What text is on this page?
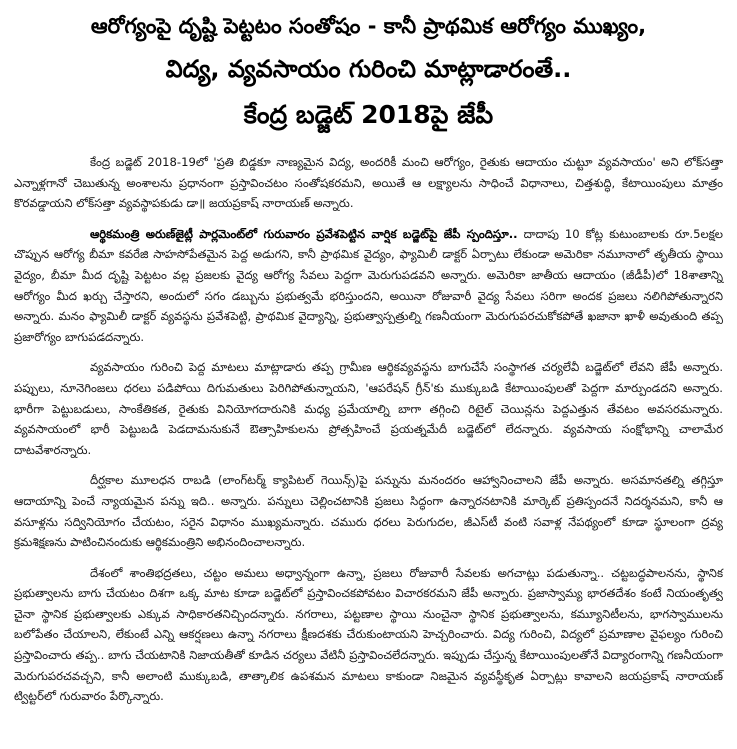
ఆరోగ్యంపై దృష్టి పెట్టటం సంతోషం - కానీ ప్రాథమిక ఆరోగ్యం ముఖ్యం,
విద్య, వ్యవసాయం గురించి మాట్లాడారంతే..
కేంద్ర బడ్జెట్ 2018పై జేపీ

కేంద్ర బడ్జెట్ 2018-19లో 'ప్రతి బిడ్డకూ నాణ్యమైన విద్య, అందరికీ మంచి ఆరోగ్యం, రైతుకు ఆదాయం చుట్టూ వ్యవసాయం' అని లోక్‌సత్తా ఎన్నాళ్లగానో చెబుతున్న అంశాలను ప్రధానంగా ప్రస్తావించటం సంతోషకరమని, అయితే ఆ లక్ష్యాలను సాధించే విధానాలు, చిత్తశుద్ధి, కేటాయింపులు మాత్రం కొరవడ్డాయని లోక్‌సత్తా వ్యవస్థాపకుడు డా॥ జయప్రకాష్ నారాయణ్ అన్నారు.

ఆర్థికమంత్రి అరుణ్‌జైట్లీ పార్లమెంట్‌లో గురువారం ప్రవేశపెట్టిన వార్షిక బడ్జెట్‌పై జేపీ స్పందిస్తూ.. దాదాపు 10 కోట్ల కుటుంబాలకు రూ.5లక్షల చొప్పున ఆరోగ్య బీమా కవరేజి సాహసోపేతమైన పెద్ద అడుగని, కానీ ప్రాథమిక వైద్యం, ఫ్యామిలీ డాక్టర్ ఏర్పాటు లేకుండా అమెరికా నమూనాలో తృతీయ స్థాయి వైద్యం, బీమా మీద దృష్టి పెట్టటం వల్ల ప్రజలకు వైద్య ఆరోగ్య సేవలు పెద్దగా మెరుగుపడవని అన్నారు. అమెరికా జాతీయ ఆదాయం (జీడీపీ)లో 18శాతాన్ని ఆరోగ్యం మీద ఖర్చు చేస్తారని, అందులో సగం డబ్బును ప్రభుత్వమే భరిస్తుందని, అయినా రోజువారీ వైద్య సేవలు సరిగా అందక ప్రజలు నలిగిపోతున్నారని అన్నారు. మనం ఫ్యామిలీ డాక్టర్ వ్యవస్థను ప్రవేశపెట్టి, ప్రాథమిక వైద్యాన్ని, ప్రభుత్వాస్పత్రుల్ని గణనీయంగా మెరుగుపరచుకోకపోతే ఖజానా ఖాళీ అవుతుంది తప్ప ప్రజారోగ్యం బాగుపడదన్నారు.

వ్యవసాయం గురించి పెద్ద మాటలు మాట్లాడారు తప్ప గ్రామీణ ఆర్థికవ్యవస్థను బాగుచేసే సంస్థాగత చర్యలేవీ బడ్జెట్‌లో లేవని జేపీ అన్నారు. పప్పులు, నూనెగింజలు ధరలు పడిపోయి దిగుమతులు పెరిగిపోతున్నాయని, 'ఆపరేషన్ గ్రీన్'కు ముక్కుబడి కేటాయింపులతో పెద్దగా మార్పుండదని అన్నారు. భారీగా పెట్టుబడులు, సాంకేతికత, రైతుకు వినియోగదారునికి మధ్య ప్రమేయాల్ని బాగా తగ్గించి రిటైల్ చెయిన్లను పెద్దఎత్తున తేవటం అవసరమన్నారు. వ్యవసాయంలో భారీ పెట్టుబడి పెడదామనుకునే ఔత్సాహికులను ప్రోత్సహించే ప్రయత్నమేదీ బడ్జెట్‌లో లేదన్నారు. వ్యవసాయ సంక్షోభాన్ని చాలామేర దాటవేశారన్నారు.

దీర్ఘకాల మూలధన రాబడి (లాంగ్‌టర్మ్ క్యాపిటల్ గెయిన్స్)పై పన్నును మనందరం ఆహ్వానించాలని జేపీ అన్నారు. అసమానతల్ని తగ్గిస్తూ ఆదాయాన్ని పెంచే న్యాయమైన పన్ను ఇది.. అన్నారు. పన్నులు చెల్లించటానికి ప్రజలు సిద్ధంగా ఉన్నారనటానికి మార్కెట్ ప్రతిస్పందనే నిదర్శనమని, కానీ ఆ వసూళ్లను సద్వినియోగం చేయటం, సరైన విధానం ముఖ్యమన్నారు. చమురు ధరలు పెరుగుదల, జీఎస్‌టీ వంటి సవాళ్ల నేపథ్యంలో కూడా స్థూలంగా ద్రవ్య క్రమశిక్షణను పాటించినందుకు ఆర్థికమంత్రిని అభినందించాలన్నారు.

దేశంలో శాంతిభద్రతలు, చట్టం అమలు అధ్వాన్నంగా ఉన్నా, ప్రజలు రోజువారీ సేవలకు అగచాట్లు పడుతున్నా.. చట్టబద్ధపాలనను, స్థానిక ప్రభుత్వాలను బాగు చేయటం దిశగా ఒక్క మాట కూడా బడ్జెట్‌లో ప్రస్తావించకపోవటం విచారకరమని జేపీ అన్నారు. ప్రజాస్వామ్య భారతదేశం కంటే నియంతృత్వ చైనా స్థానిక ప్రభుత్వాలకు ఎక్కువ సాధికారతనిచ్చిందన్నారు. నగరాలు, పట్టణాల స్థాయి నుంచైనా స్థానిక ప్రభుత్వాలను, కమ్యూనిటీలను, భాగస్వాములను బలోపేతం చేయాలని, లేకుంటే ఎన్ని ఆకర్షణలు ఉన్నా నగరాలు క్షీణదశకు చేరుకుంటాయని హెచ్చరించారు. విద్య గురించి, విద్యలో ప్రమాణాల వైఫల్యం గురించి ప్రస్తావించారు తప్ప.. బాగు చేయటానికి నిజాయతీతో కూడిన చర్యలు వేటినీ ప్రస్తావించలేదన్నారు. ఇప్పుడు చేస్తున్న కేటాయింపులతోనే విద్యారంగాన్ని గణనీయంగా మెరుగుపరచవచ్చని, కానీ అలాంటి ముక్కుబడి, తాత్కాలిక ఉపశమన మాటలు కాకుండా నిజమైన వ్యవస్థీకృత ఏర్పాట్లు కావాలని జయప్రకాష్ నారాయణ్ ట్విట్టర్‌లో గురువారం పేర్కొన్నారు.
